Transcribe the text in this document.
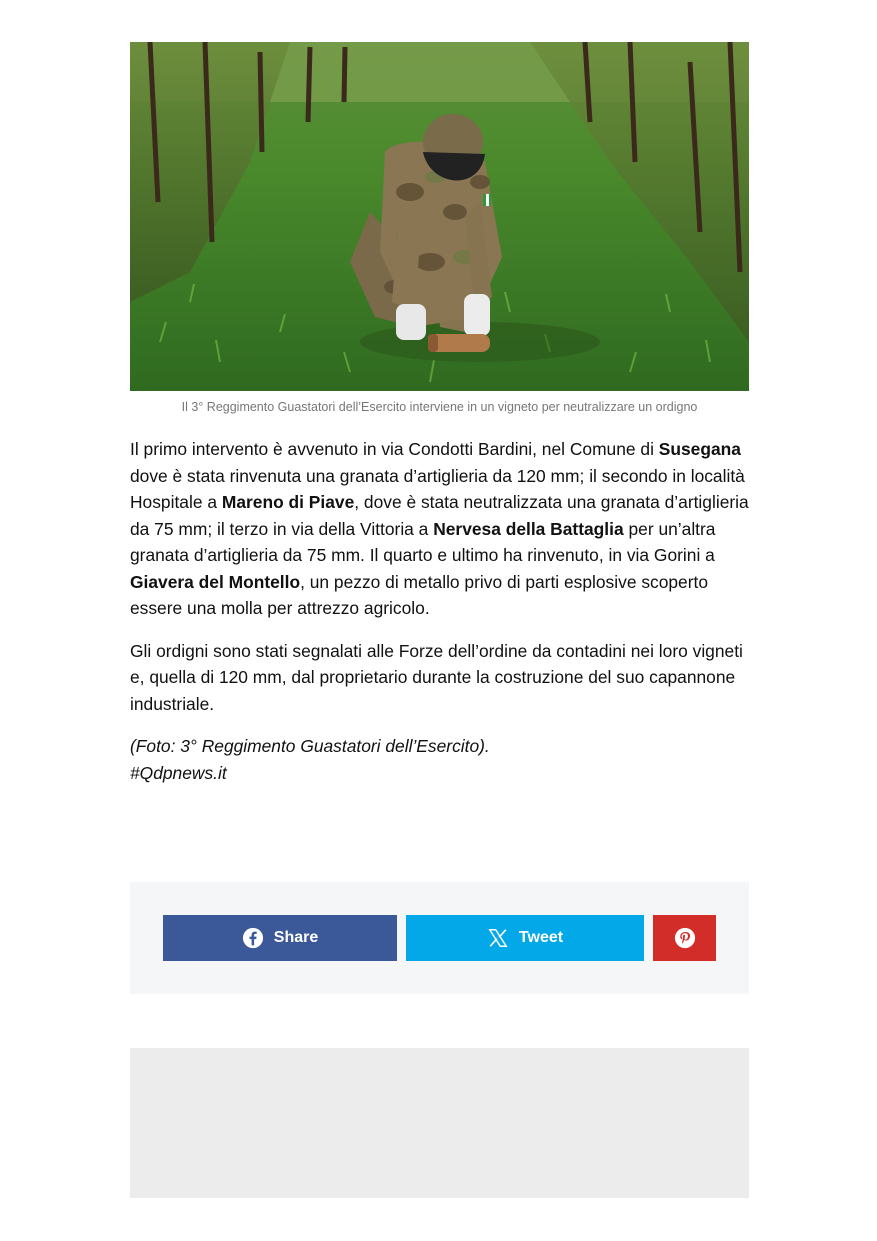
Il 3° Reggimento Guastatori dell’Esercito interviene in un vigneto per neutralizzare un ordigno

Il primo intervento è avvenuto in via Condotti Bardini, nel Comune di Susegana dove è stata rinvenuta una granata d’artiglieria da 120 mm; il secondo in località Hospitale a Mareno di Piave, dove è stata neutralizzata una granata d’artiglieria da 75 mm; il terzo in via della Vittoria a Nervesa della Battaglia per un’altra granata d’artiglieria da 75 mm. Il quarto e ultimo ha rinvenuto, in via Gorini a Giavera del Montello, un pezzo di metallo privo di parti esplosive scoperto essere una molla per attrezzo agricolo.

Gli ordigni sono stati segnalati alle Forze dell’ordine da contadini nei loro vigneti e, quella di 120 mm, dal proprietario durante la costruzione del suo capannone industriale.

(Foto: 3° Reggimento Guastatori dell’Esercito).
#Qdpnews.it

Share	Tweet
